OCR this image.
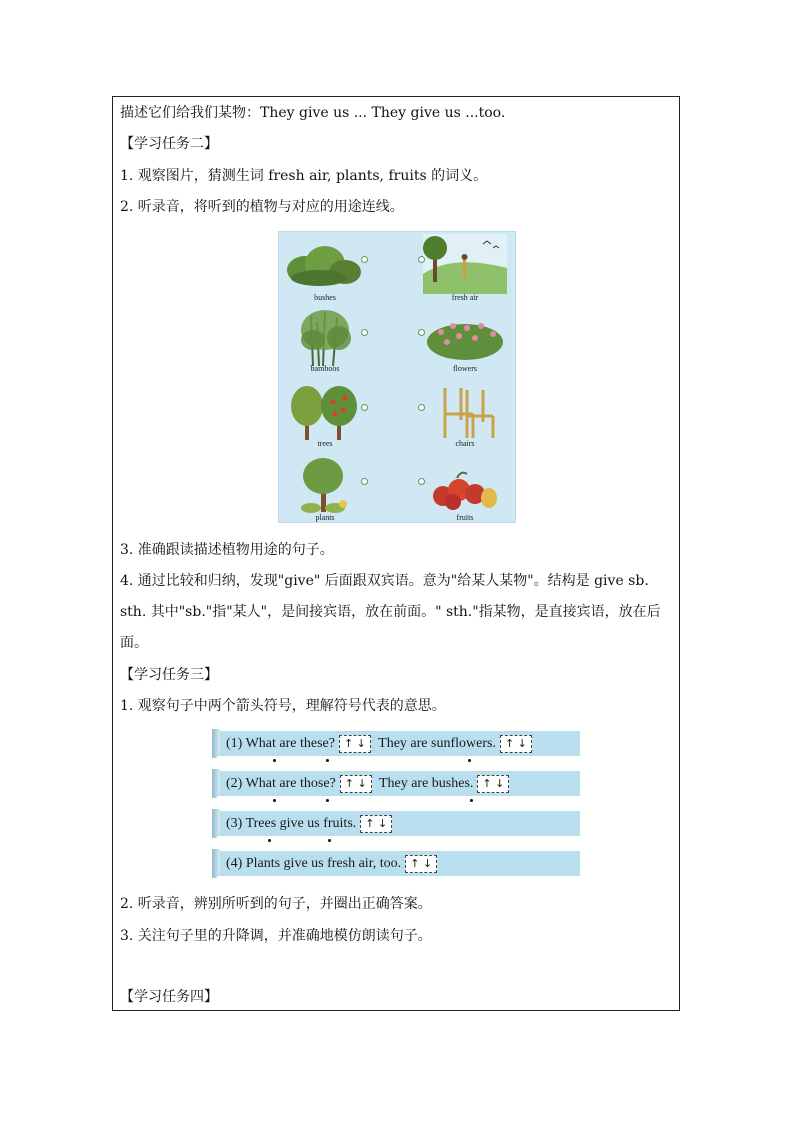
描述它们给我们某物：They give us ... They give us ...too.
【学习任务二】
1. 观察图片，猜测生词 fresh air, plants, fruits 的词义。
2. 听录音，将听到的植物与对应的用途连线。
bushes
bamboos
trees
plants
fresh air
flowers
chairs
fruits
3. 准确跟读描述植物用途的句子。
4. 通过比较和归纳，发现"give" 后面跟双宾语。意为"给某人某物"。结构是 give sb. sth. 其中"sb."指"某人"，是间接宾语，放在前面。" sth."指某物，是直接宾语，放在后面。
【学习任务三】
1. 观察句子中两个箭头符号，理解符号代表的意思。
(1) What are these? ↑ ↓ They are sunflowers. ↑ ↓
(2) What are those? ↑ ↓ They are bushes. ↑ ↓
(3) Trees give us fruits. ↑ ↓
(4) Plants give us fresh air, too. ↑ ↓
2. 听录音，辨别所听到的句子，并圈出正确答案。
3. 关注句子里的升降调，并准确地模仿朗读句子。
【学习任务四】
